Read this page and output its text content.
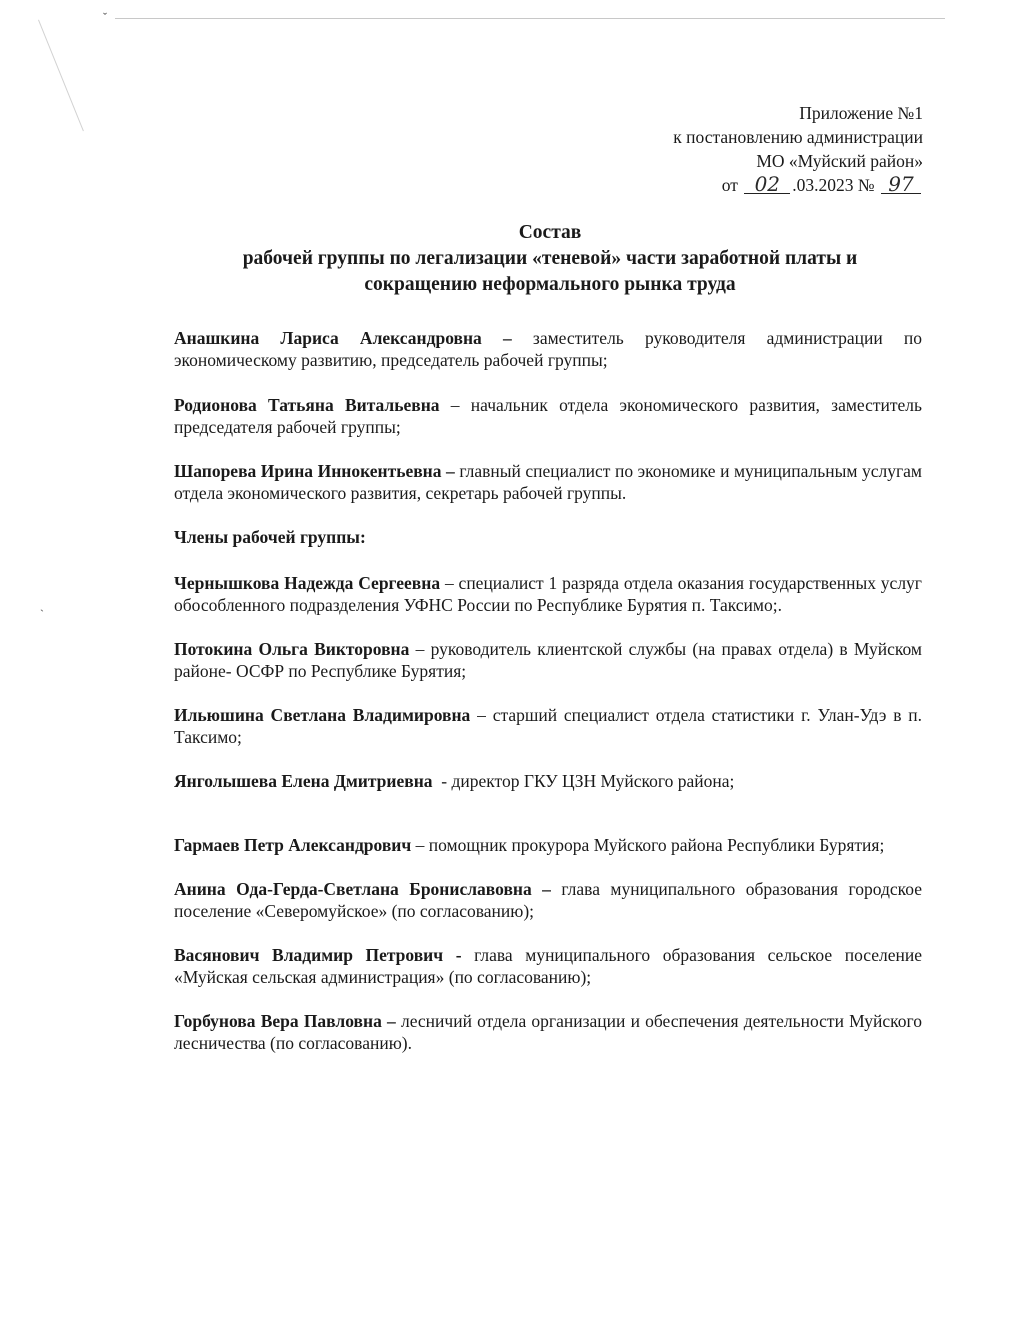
ˇ
ˏ
Приложение №1
к постановлению администрации
МО «Муйский район»
от 02 .03.2023 № 97
Состав
рабочей группы по легализации «теневой» части заработной платы и
сокращению неформального рынка труда

Анашкина Лариса Александровна – заместитель руководителя администрации по экономическому развитию, председатель рабочей группы;

Родионова Татьяна Витальевна – начальник отдела экономического развития, заместитель председателя рабочей группы;

Шапорева Ирина Иннокентьевна – главный специалист по экономике и муниципальным услугам отдела экономического развития, секретарь рабочей группы.

Члены рабочей группы:

Чернышкова Надежда Сергеевна – специалист 1 разряда отдела оказания государственных услуг обособленного подразделения УФНС России по Республике Бурятия п. Таксимо;.

Потокина Ольга Викторовна – руководитель клиентской службы (на правах отдела) в Муйском районе- ОСФР по Республике Бурятия;

Ильюшина Светлана Владимировна – старший специалист отдела статистики г. Улан-Удэ в п. Таксимо;

Янголышева Елена Дмитриевна  - директор ГКУ ЦЗН Муйского района;

Гармаев Петр Александрович – помощник прокурора Муйского района Республики Бурятия;

Анина Ода-Герда-Светлана Брониславовна – глава муниципального образования городское поселение «Северомуйское» (по согласованию);

Васянович Владимир Петрович - глава муниципального образования сельское поселение «Муйская сельская администрация» (по согласованию);

Горбунова Вера Павловна – лесничий отдела организации и обеспечения деятельности Муйского лесничества (по согласованию).
